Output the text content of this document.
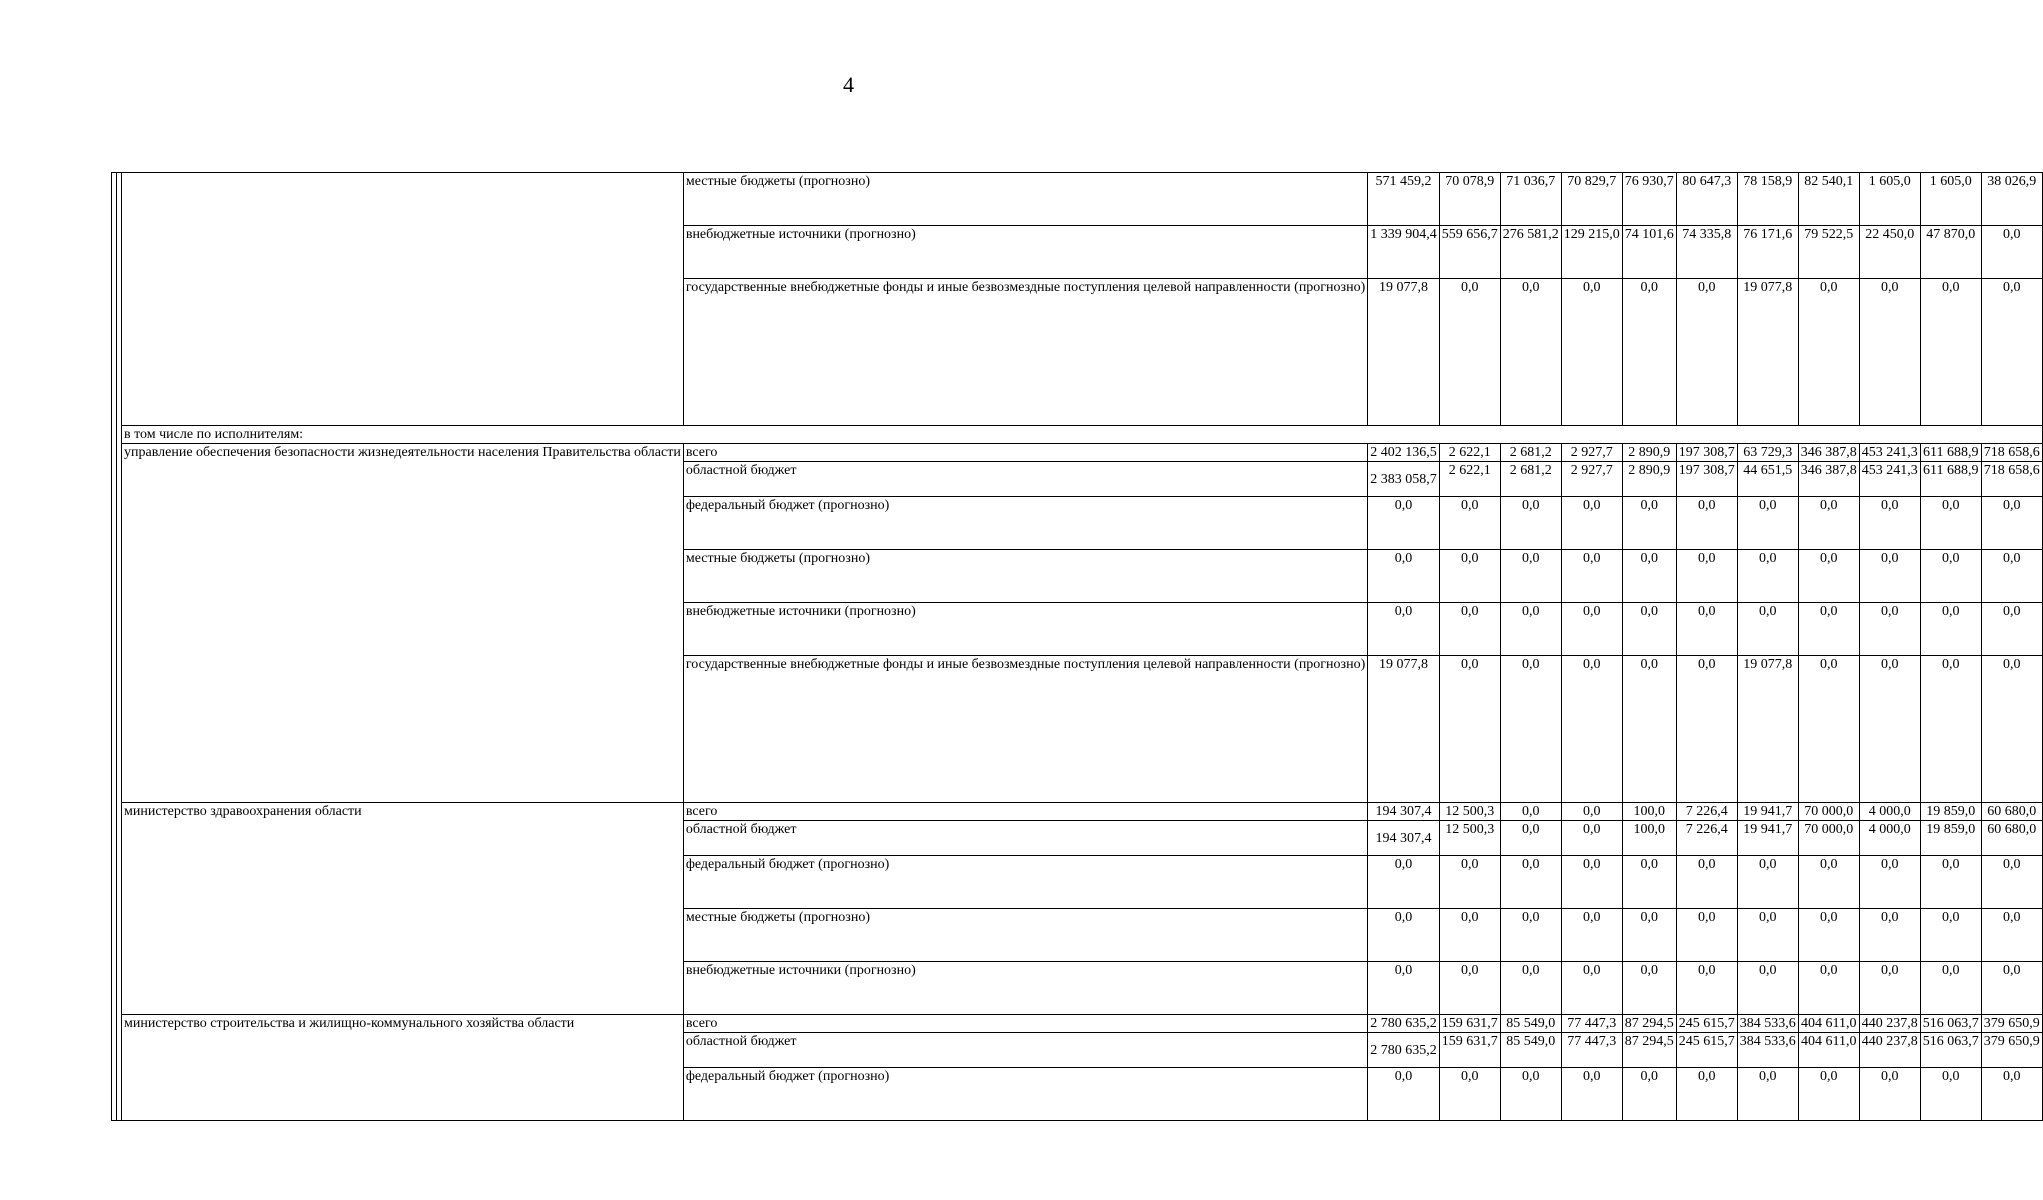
4
			местные бюджеты (прогнозно)	571 459,2	70 078,9	71 036,7	70 829,7	76 930,7	80 647,3	78 158,9	82 540,1	1 605,0	1 605,0	38 026,9
			внебюджетные источники (прогнозно)	1 339 904,4	559 656,7	276 581,2	129 215,0	74 101,6	74 335,8	76 171,6	79 522,5	22 450,0	47 870,0	0,0
			государственные внебюджетные фонды и иные безвозмездные поступления целевой направленности (прогнозно)	19 077,8	0,0	0,0	0,0	0,0	0,0	19 077,8	0,0	0,0	0,0	0,0
		в том числе по исполнителям:												
		управление обеспечения безопасности жизнедеятельности населения Правительства области	всего	2 402 136,5	2 622,1	2 681,2	2 927,7	2 890,9	197 308,7	63 729,3	346 387,8	453 241,3	611 688,9	718 658,6
			областной бюджет	2 383 058,7	2 622,1	2 681,2	2 927,7	2 890,9	197 308,7	44 651,5	346 387,8	453 241,3	611 688,9	718 658,6
			федеральный бюджет (прогнозно)	0,0	0,0	0,0	0,0	0,0	0,0	0,0	0,0	0,0	0,0	0,0
			местные бюджеты (прогнозно)	0,0	0,0	0,0	0,0	0,0	0,0	0,0	0,0	0,0	0,0	0,0
			внебюджетные источники (прогнозно)	0,0	0,0	0,0	0,0	0,0	0,0	0,0	0,0	0,0	0,0	0,0
			государственные внебюджетные фонды и иные безвозмездные поступления целевой направленности (прогнозно)	19 077,8	0,0	0,0	0,0	0,0	0,0	19 077,8	0,0	0,0	0,0	0,0
		министерство здравоохранения области	всего	194 307,4	12 500,3	0,0	0,0	100,0	7 226,4	19 941,7	70 000,0	4 000,0	19 859,0	60 680,0
			областной бюджет	194 307,4	12 500,3	0,0	0,0	100,0	7 226,4	19 941,7	70 000,0	4 000,0	19 859,0	60 680,0
			федеральный бюджет (прогнозно)	0,0	0,0	0,0	0,0	0,0	0,0	0,0	0,0	0,0	0,0	0,0
			местные бюджеты (прогнозно)	0,0	0,0	0,0	0,0	0,0	0,0	0,0	0,0	0,0	0,0	0,0
			внебюджетные источники (прогнозно)	0,0	0,0	0,0	0,0	0,0	0,0	0,0	0,0	0,0	0,0	0,0
		министерство строительства и жилищно-коммунального хозяйства области	всего	2 780 635,2	159 631,7	85 549,0	77 447,3	87 294,5	245 615,7	384 533,6	404 611,0	440 237,8	516 063,7	379 650,9
			областной бюджет	2 780 635,2	159 631,7	85 549,0	77 447,3	87 294,5	245 615,7	384 533,6	404 611,0	440 237,8	516 063,7	379 650,9
			федеральный бюджет (прогнозно)	0,0	0,0	0,0	0,0	0,0	0,0	0,0	0,0	0,0	0,0	0,0
